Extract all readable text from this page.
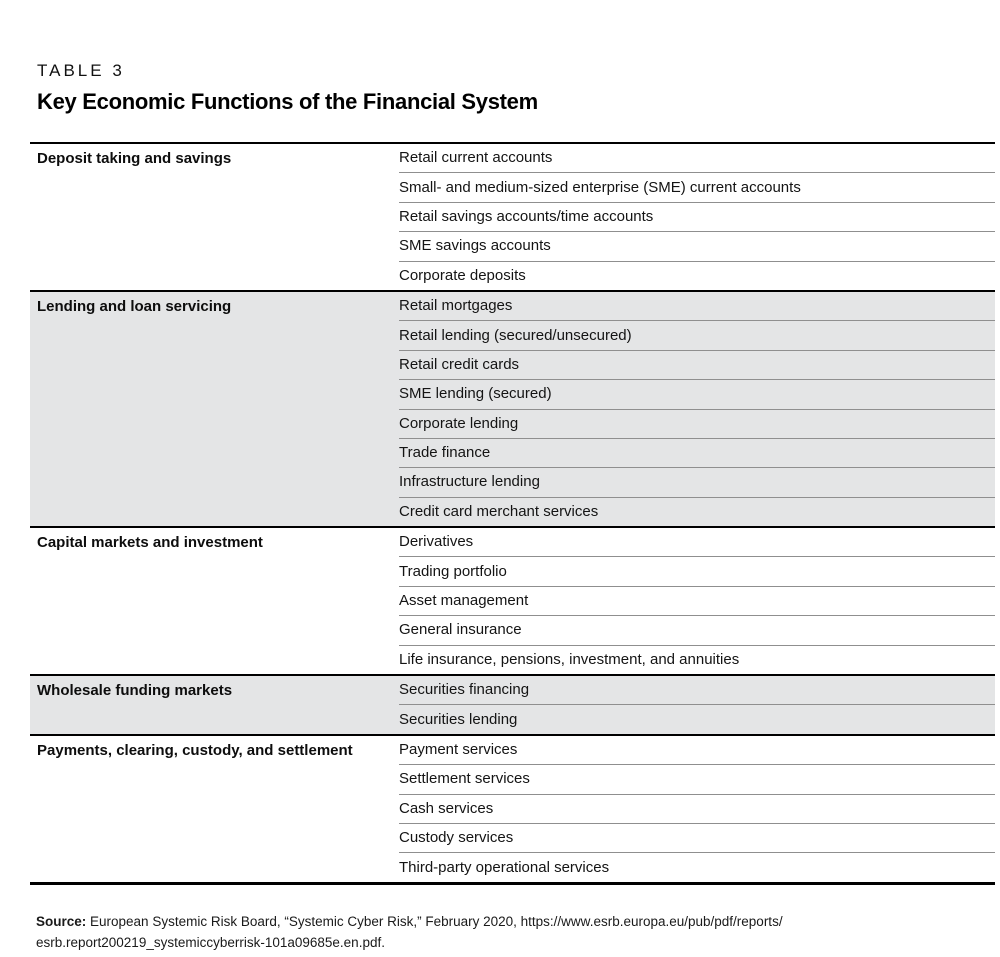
TABLE 3
Key Economic Functions of the Financial System
Deposit taking and savings	Retail current accounts
Small- and medium-sized enterprise (SME) current accounts
Retail savings accounts/time accounts
SME savings accounts
Corporate deposits
Lending and loan servicing	Retail mortgages
Retail lending (secured/unsecured)
Retail credit cards
SME lending (secured)
Corporate lending
Trade finance
Infrastructure lending
Credit card merchant services
Capital markets and investment	Derivatives
Trading portfolio
Asset management
General insurance
Life insurance, pensions, investment, and annuities
Wholesale funding markets	Securities financing
Securities lending
Payments, clearing, custody, and settlement	Payment services
Settlement services
Cash services
Custody services
Third-party operational services
Source: European Systemic Risk Board, “Systemic Cyber Risk,” February 2020, https://www.esrb.europa.eu/pub/pdf/reports/
esrb.report200219_systemiccyberrisk-101a09685e.en.pdf.
